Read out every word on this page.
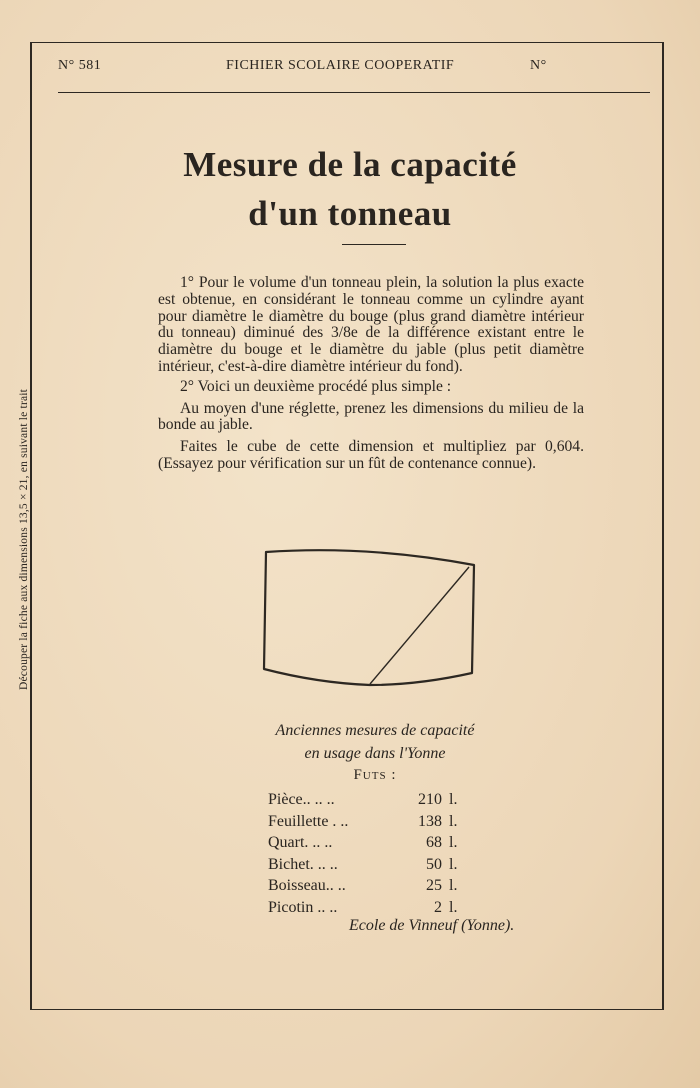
Découper la fiche aux dimensions 13,5 × 21, en suivant le trait
N° 581	FICHIER SCOLAIRE COOPERATIF	N°
Mesure de la capacité
d'un tonneau

1° Pour le volume d'un tonneau plein, la solution la plus exacte est obtenue, en considérant le tonneau comme un cylindre ayant pour diamètre le diamètre du bouge (plus grand diamètre intérieur du tonneau) diminué des 3/8e de la différence existant entre le diamètre du bouge et le diamètre du jable (plus petit diamètre intérieur, c'est-à-dire diamètre intérieur du fond).

2° Voici un deuxième procédé plus simple :

Au moyen d'une réglette, prenez les dimensions du milieu de la bonde au jable.

Faites le cube de cette dimension et multipliez par 0,604. (Essayez pour vérification sur un fût de contenance connue).

Anciennes mesures de capacité
en usage dans l'Yonne
Futs :
Pièce.. .. ..	210	l.
Feuillette . ..	138	l.
Quart. .. ..	68	l.
Bichet. .. ..	50	l.
Boisseau.. ..	25	l.
Picotin .. ..	2	l.
Ecole de Vinneuf (Yonne).
